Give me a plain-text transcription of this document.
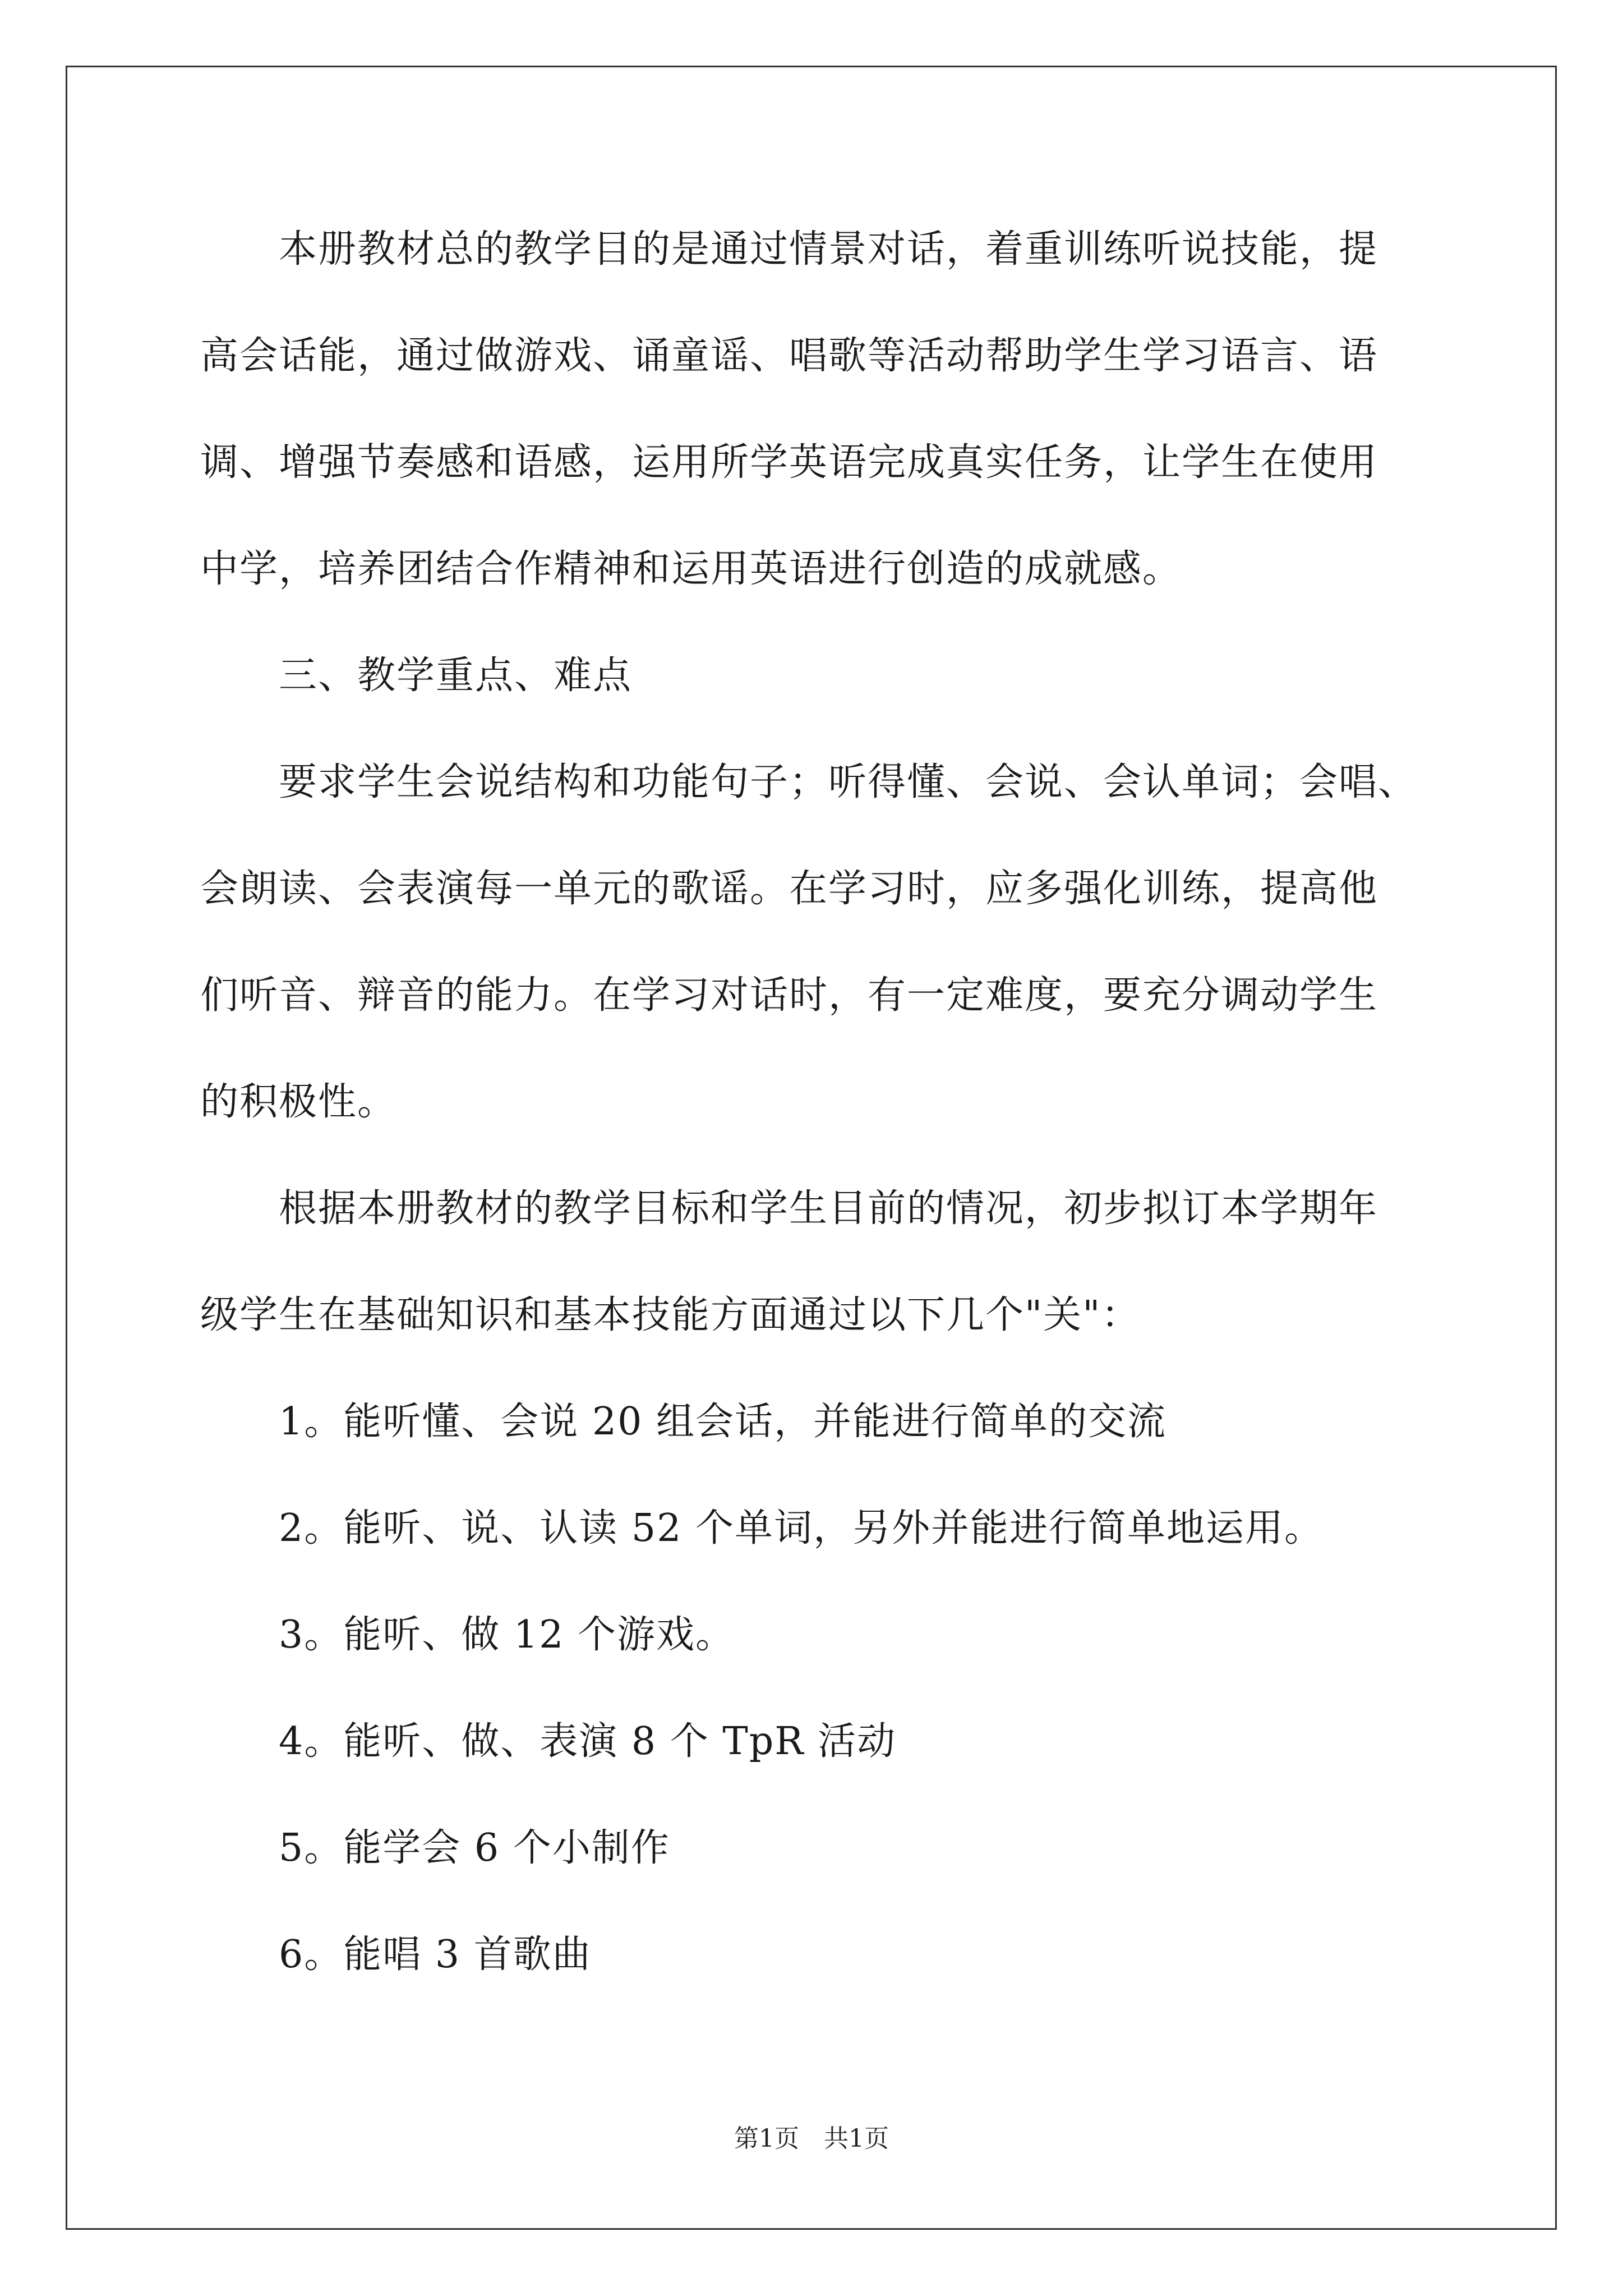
　　本册教材总的教学目的是通过情景对话，着重训练听说技能，提
高会话能，通过做游戏、诵童谣、唱歌等活动帮助学生学习语言、语
调、增强节奏感和语感，运用所学英语完成真实任务，让学生在使用
中学，培养团结合作精神和运用英语进行创造的成就感。
　　三、教学重点、难点
　　要求学生会说结构和功能句子；听得懂、会说、会认单词；会唱、
会朗读、会表演每一单元的歌谣。在学习时，应多强化训练，提高他
们听音、辩音的能力。在学习对话时，有一定难度，要充分调动学生
的积极性。
　　根据本册教材的教学目标和学生目前的情况，初步拟订本学期年
级学生在基础知识和基本技能方面通过以下几个"关"：
　　1。能听懂、会说 20 组会话，并能进行简单的交流
　　2。能听、说、认读 52 个单词，另外并能进行简单地运用。
　　3。能听、做 12 个游戏。
　　4。能听、做、表演 8 个 TpR 活动
　　5。能学会 6 个小制作
　　6。能唱 3 首歌曲
第1页　共1页
